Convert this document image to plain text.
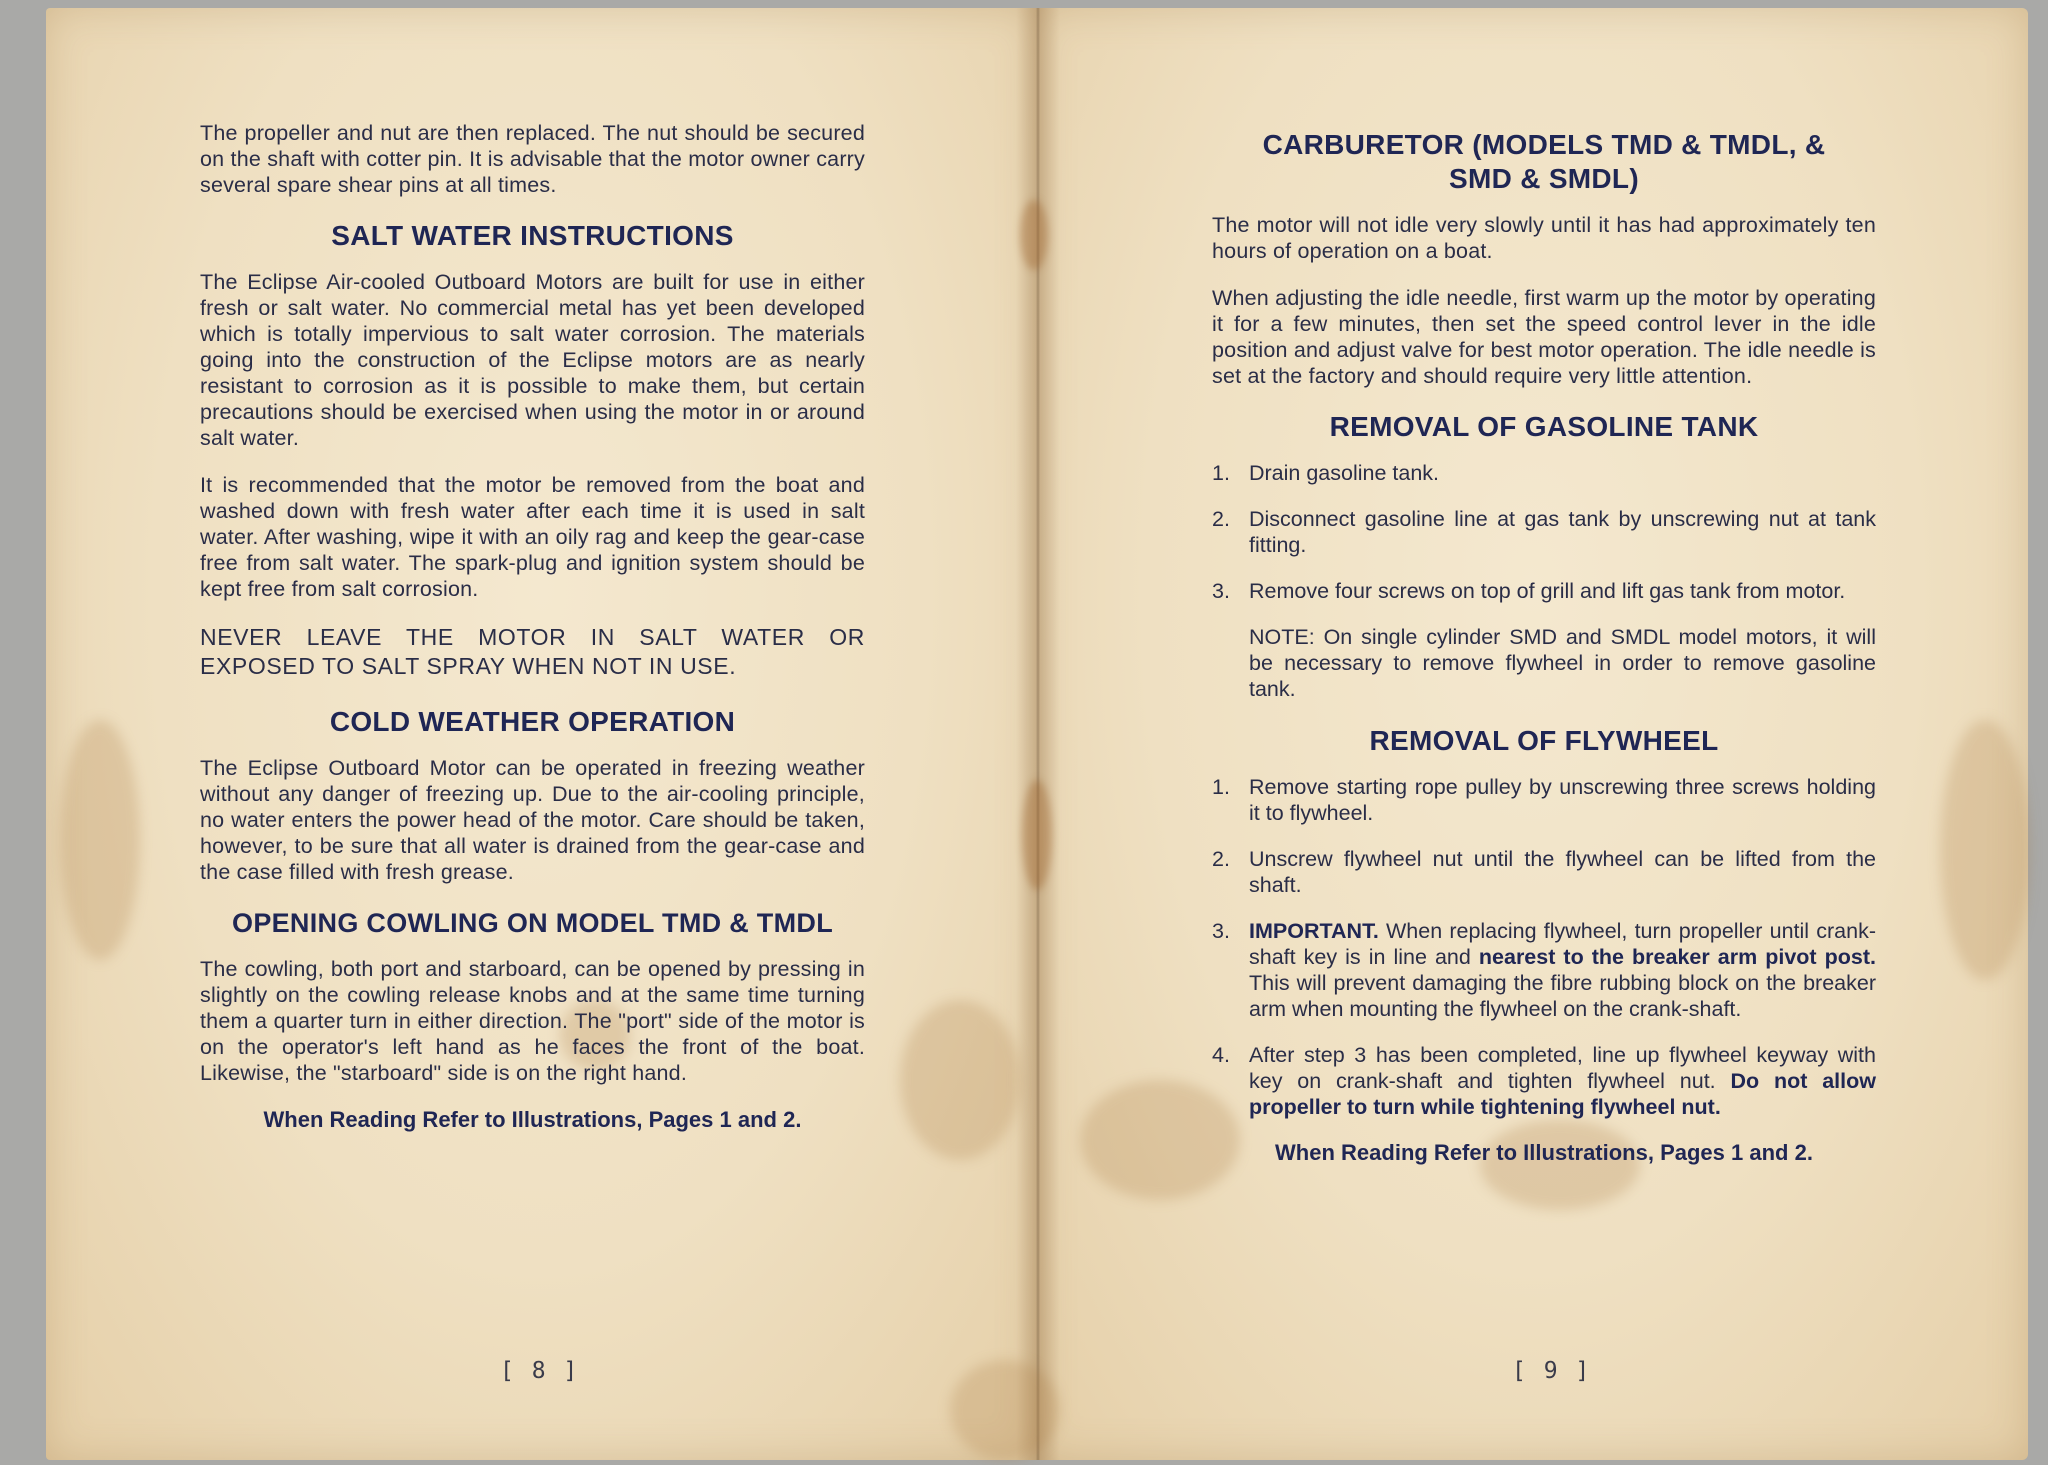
The propeller and nut are then replaced. The nut should be secured on the shaft with cotter pin. It is advisable that the motor owner carry several spare shear pins at all times.

SALT WATER INSTRUCTIONS

The Eclipse Air-cooled Outboard Motors are built for use in either fresh or salt water. No commercial metal has yet been developed which is totally impervious to salt water corrosion. The materials going into the construction of the Eclipse motors are as nearly resistant to corrosion as it is possible to make them, but certain precautions should be exercised when using the motor in or around salt water.

It is recommended that the motor be removed from the boat and washed down with fresh water after each time it is used in salt water. After washing, wipe it with an oily rag and keep the gear-case free from salt water. The spark-plug and ignition system should be kept free from salt corrosion.

NEVER LEAVE THE MOTOR IN SALT WATER OR EXPOSED TO SALT SPRAY WHEN NOT IN USE.

COLD WEATHER OPERATION

The Eclipse Outboard Motor can be operated in freezing weather without any danger of freezing up. Due to the air-cooling principle, no water enters the power head of the motor. Care should be taken, however, to be sure that all water is drained from the gear-case and the case filled with fresh grease.

OPENING COWLING ON MODEL TMD & TMDL

The cowling, both port and starboard, can be opened by pressing in slightly on the cowling release knobs and at the same time turning them a quarter turn in either direction. The "port" side of the motor is on the operator's left hand as he faces the front of the boat. Likewise, the "starboard" side is on the right hand.

When Reading Refer to Illustrations, Pages 1 and 2.
[ 8 ]
CARBURETOR (MODELS TMD & TMDL, & SMD & SMDL)

The motor will not idle very slowly until it has had approximately ten hours of operation on a boat.

When adjusting the idle needle, first warm up the motor by operating it for a few minutes, then set the speed control lever in the idle position and adjust valve for best motor operation. The idle needle is set at the factory and should require very little attention.

REMOVAL OF GASOLINE TANK
1. Drain gasoline tank.
2. Disconnect gasoline line at gas tank by unscrewing nut at tank fitting.
3. Remove four screws on top of grill and lift gas tank from motor.

NOTE: On single cylinder SMD and SMDL model motors, it will be necessary to remove flywheel in order to remove gasoline tank.

REMOVAL OF FLYWHEEL
1. Remove starting rope pulley by unscrewing three screws holding it to flywheel.
2. Unscrew flywheel nut until the flywheel can be lifted from the shaft.
3. IMPORTANT. When replacing flywheel, turn propeller until crank-shaft key is in line and nearest to the breaker arm pivot post. This will prevent damaging the fibre rubbing block on the breaker arm when mounting the flywheel on the crank-shaft.
4. After step 3 has been completed, line up flywheel keyway with key on crank-shaft and tighten flywheel nut. Do not allow propeller to turn while tightening flywheel nut.
When Reading Refer to Illustrations, Pages 1 and 2.
[ 9 ]
